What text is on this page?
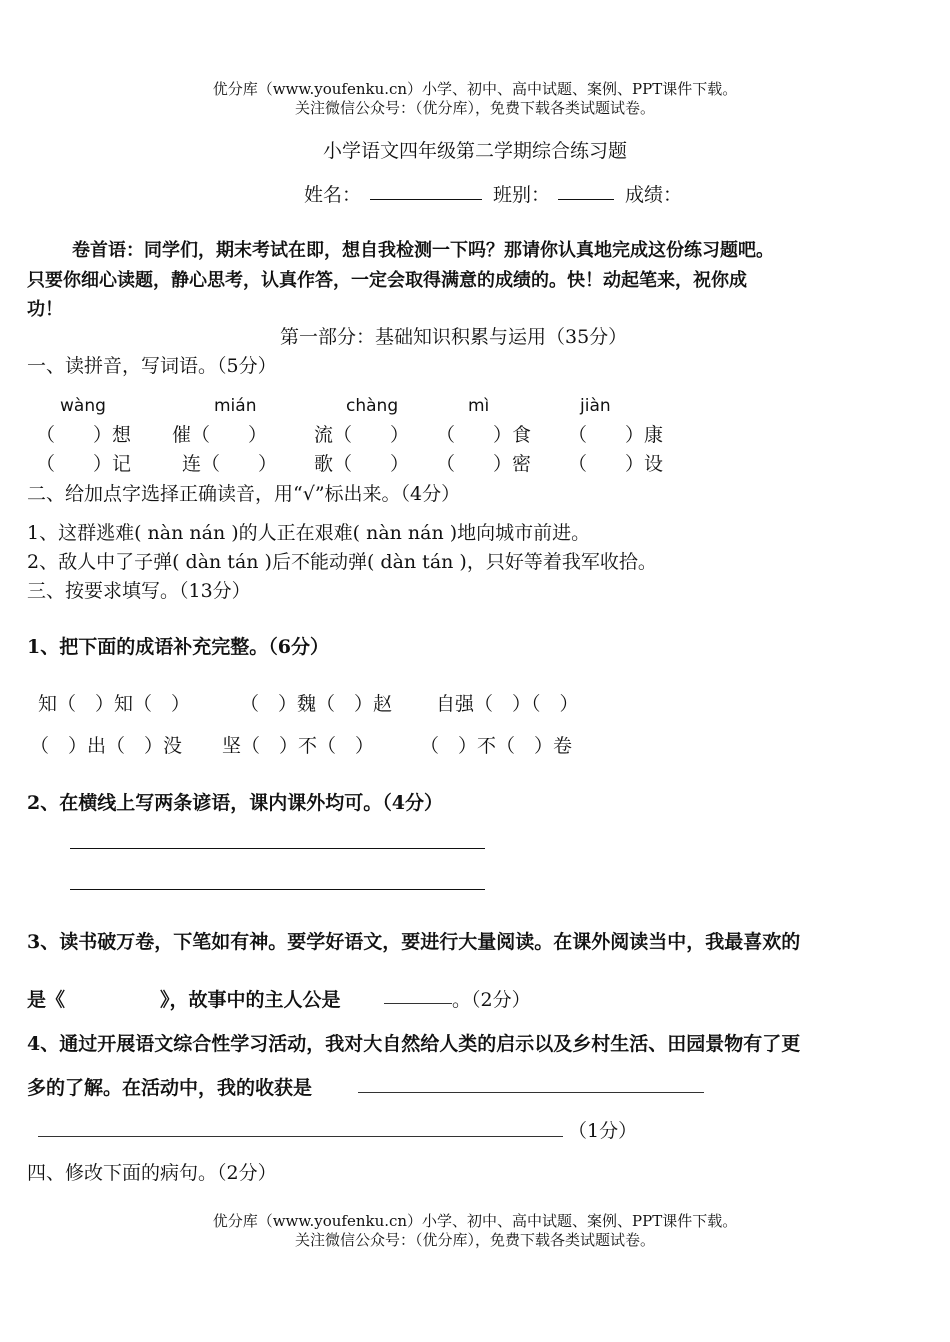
优分库（www.youfenku.cn）小学、初中、高中试题、案例、PPT课件下载。
关注微信公众号：（优分库），免费下载各类试题试卷。
小学语文四年级第二学期综合练习题
姓名：	班别：	成绩：
卷首语：同学们，期末考试在即，想自我检测一下吗？那请你认真地完成这份练习题吧。
只要你细心读题，静心思考，认真作答，一定会取得满意的成绩的。快！动起笔来，祝你成
功！
第一部分：基础知识积累与运用（35分）
一、读拼音，写词语。（5分）
wàng	mián	chàng	mì	jiàn
（　　）想 催（　　） 流（　　） （　　）食 （　　）康
（　　）记	连（　　） 歌（　　） （　　）密 （　　）设
二、给加点字选择正确读音，用“√”标出来。（4分）
1、这群逃难( nàn nán )的人正在艰难( nàn nán )地向城市前进。
2、敌人中了子弹( dàn tán )后不能动弹( dàn tán )，只好等着我军收拾。
三、按要求填写。（13分）
1、把下面的成语补充完整。（6分）
知（　）知（　）	（　）魏（　）赵 自强（　）（　）
（　）出（　）没 坚（　）不（　） （　）不（　）卷
2、在横线上写两条谚语，课内课外均可。（4分）
3、读书破万卷，下笔如有神。要学好语文，要进行大量阅读。在课外阅读当中，我最喜欢的
是《	》，故事中的主人公是	。（2分）
4、通过开展语文综合性学习活动，我对大自然给人类的启示以及乡村生活、田园景物有了更
多的了解。在活动中，我的收获是
（1分）
四、修改下面的病句。（2分）
优分库（www.youfenku.cn）小学、初中、高中试题、案例、PPT课件下载。
关注微信公众号：（优分库），免费下载各类试题试卷。
